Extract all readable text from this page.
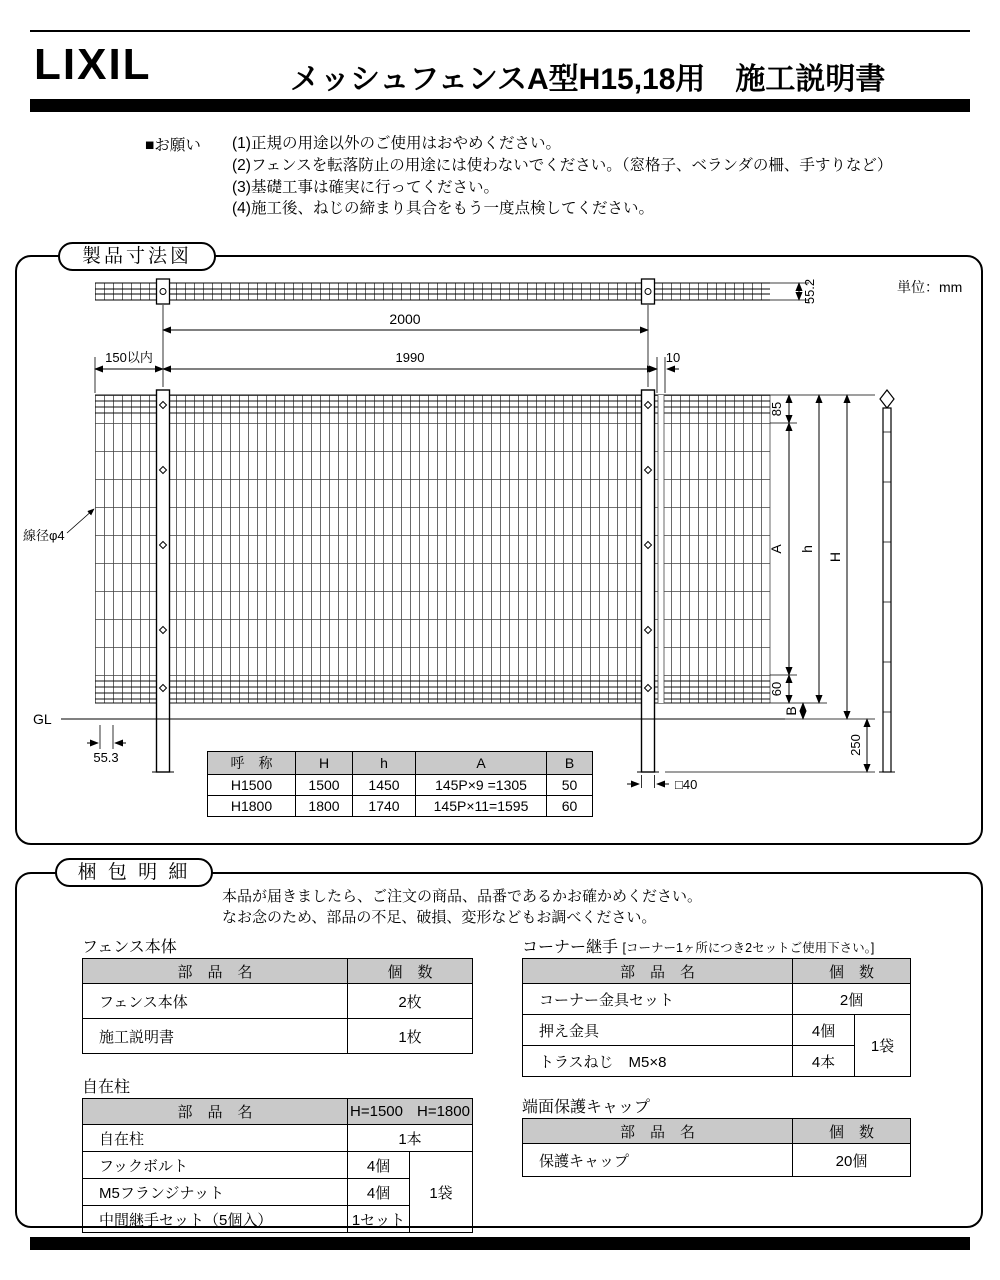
LIXIL	メッシュフェンスA型H15,18用　施工説明書
■お願い (1)正規の用途以外のご使用はおやめください。
(2)フェンスを転落防止の用途には使わないでください。（窓格子、ベランダの柵、手すりなど）
(3)基礎工事は確実に行ってください。
(4)施工後、ねじの締まり具合をもう一度点検してください。
製品寸法図
55.2	単位：mm
2000
150以内	1990	10
GL
55.3
線径φ4
□40
85
A
60
B
h
H
250
呼　称	H	h	A	B
H1500	1500	1450	145P×9 =1305	50
H1800	1800	1740	145P×11=1595	60
梱 包 明 細
本品が届きましたら、ご注文の商品、品番であるかお確かめください。
なお念のため、部品の不足、破損、変形などもお調べください。
フェンス本体
部　品　名	個　数
フェンス本体	2枚
施工説明書	1枚
自在柱
部　品　名	H=1500 H=1800	
自在柱	1本	
フックボルト	4個	1袋
M5フランジナット	4個	
中間継手セット（5個入）	1セット	
コーナー継手 [コーナー1ヶ所につき2セットご使用下さい。]
部　品　名	個　数	
コーナー金具セット	2個	
押え金具	4個	1袋
トラスねじ　M5×8	4本	
端面保護キャップ
部　品　名	個　数
保護キャップ	20個
